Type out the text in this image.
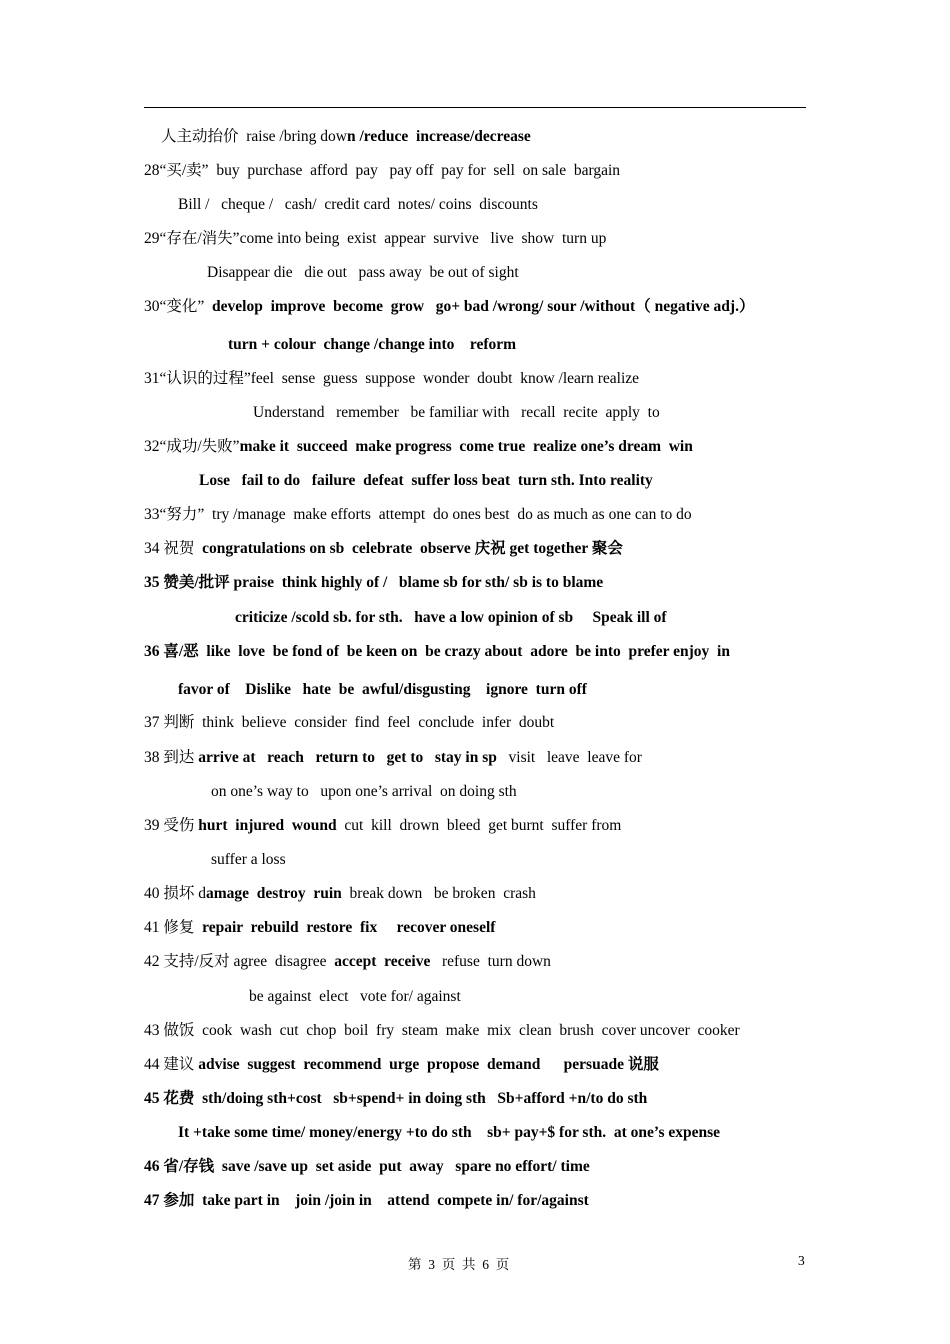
人主动抬价  raise /bring down /reduce  increase/decrease
28“买/卖”  buy  purchase  afford  pay   pay off  pay for  sell  on sale  bargain
Bill /   cheque /   cash/  credit card  notes/ coins  discounts
29“存在/消失”come into being  exist  appear  survive   live  show  turn up
Disappear die   die out   pass away  be out of sight
30“变化”  develop  improve  become  grow   go+ bad /wrong/ sour /without（ negative adj.）
turn + colour  change /change into    reform
31“认识的过程”feel  sense  guess  suppose  wonder  doubt  know /learn realize
Understand   remember   be familiar with   recall  recite  apply  to
32“成功/失败”make it  succeed  make progress  come true  realize one’s dream  win
Lose   fail to do   failure  defeat  suffer loss beat  turn sth. Into reality
33“努力”  try /manage  make efforts  attempt  do ones best  do as much as one can to do
34 祝贺  congratulations on sb  celebrate  observe 庆祝 get together 聚会
35 赞美/批评 praise  think highly of /   blame sb for sth/ sb is to blame
criticize /scold sb. for sth.   have a low opinion of sb     Speak ill of
36 喜/恶  like  love  be fond of  be keen on  be crazy about  adore  be into  prefer enjoy  in
favor of    Dislike   hate  be  awful/disgusting    ignore  turn off
37 判断  think  believe  consider  find  feel  conclude  infer  doubt
38 到达 arrive at   reach   return to   get to   stay in sp   visit   leave  leave for
on one’s way to   upon one’s arrival  on doing sth
39 受伤 hurt  injured  wound  cut  kill  drown  bleed  get burnt  suffer from
suffer a loss
40 损坏 damage  destroy  ruin  break down   be broken  crash
41 修复  repair  rebuild  restore  fix     recover oneself
42 支持/反对 agree  disagree  accept  receive   refuse  turn down
be against  elect   vote for/ against
43 做饭  cook  wash  cut  chop  boil  fry  steam  make  mix  clean  brush  cover uncover  cooker
44 建议 advise  suggest  recommend  urge  propose  demand      persuade 说服
45 花费  sth/doing sth+cost   sb+spend+ in doing sth   Sb+afford +n/to do sth
It +take some time/ money/energy +to do sth    sb+ pay+$ for sth.  at one’s expense
46 省/存钱  save /save up  set aside  put  away   spare no effort/ time
47 参加  take part in    join /join in    attend  compete in/ for/against
第  3  页  共  6  页	3
